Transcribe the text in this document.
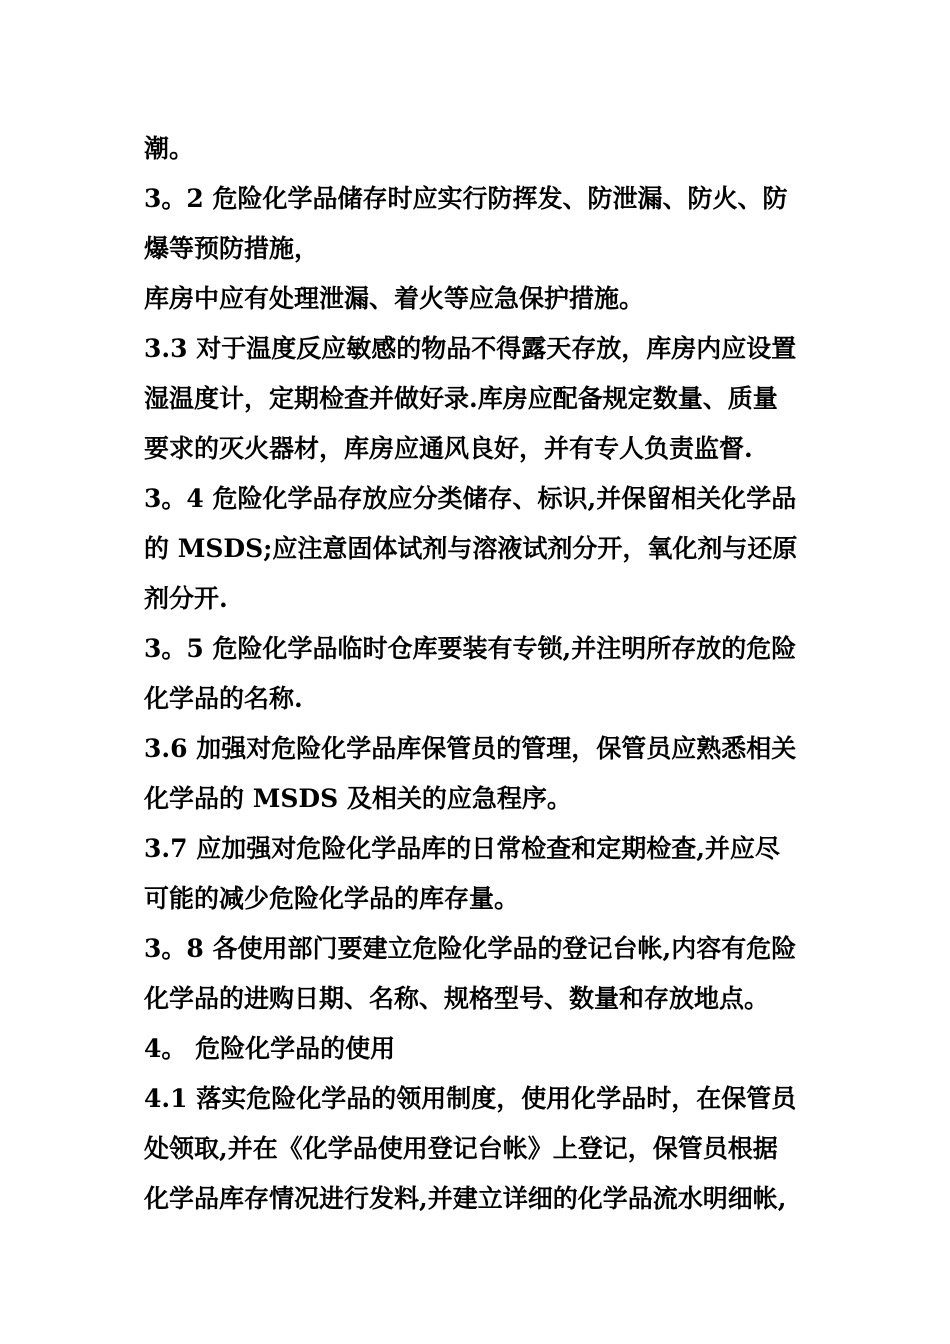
潮。
3。2 危险化学品储存时应实行防挥发、防泄漏、防火、防
爆等预防措施，
库房中应有处理泄漏、着火等应急保护措施。
3.3 对于温度反应敏感的物品不得露天存放，库房内应设置
湿温度计，定期检查并做好录.库房应配备规定数量、质量
要求的灭火器材，库房应通风良好，并有专人负责监督.
3。4 危险化学品存放应分类储存、标识,并保留相关化学品
的 MSDS;应注意固体试剂与溶液试剂分开，氧化剂与还原
剂分开.
3。5 危险化学品临时仓库要装有专锁,并注明所存放的危险
化学品的名称.
3.6 加强对危险化学品库保管员的管理，保管员应熟悉相关
化学品的 MSDS 及相关的应急程序。
3.7 应加强对危险化学品库的日常检查和定期检查,并应尽
可能的减少危险化学品的库存量。
3。8 各使用部门要建立危险化学品的登记台帐,内容有危险
化学品的进购日期、名称、规格型号、数量和存放地点。
4。 危险化学品的使用
4.1 落实危险化学品的领用制度，使用化学品时，在保管员
处领取,并在《化学品使用登记台帐》上登记，保管员根据
化学品库存情况进行发料,并建立详细的化学品流水明细帐,
